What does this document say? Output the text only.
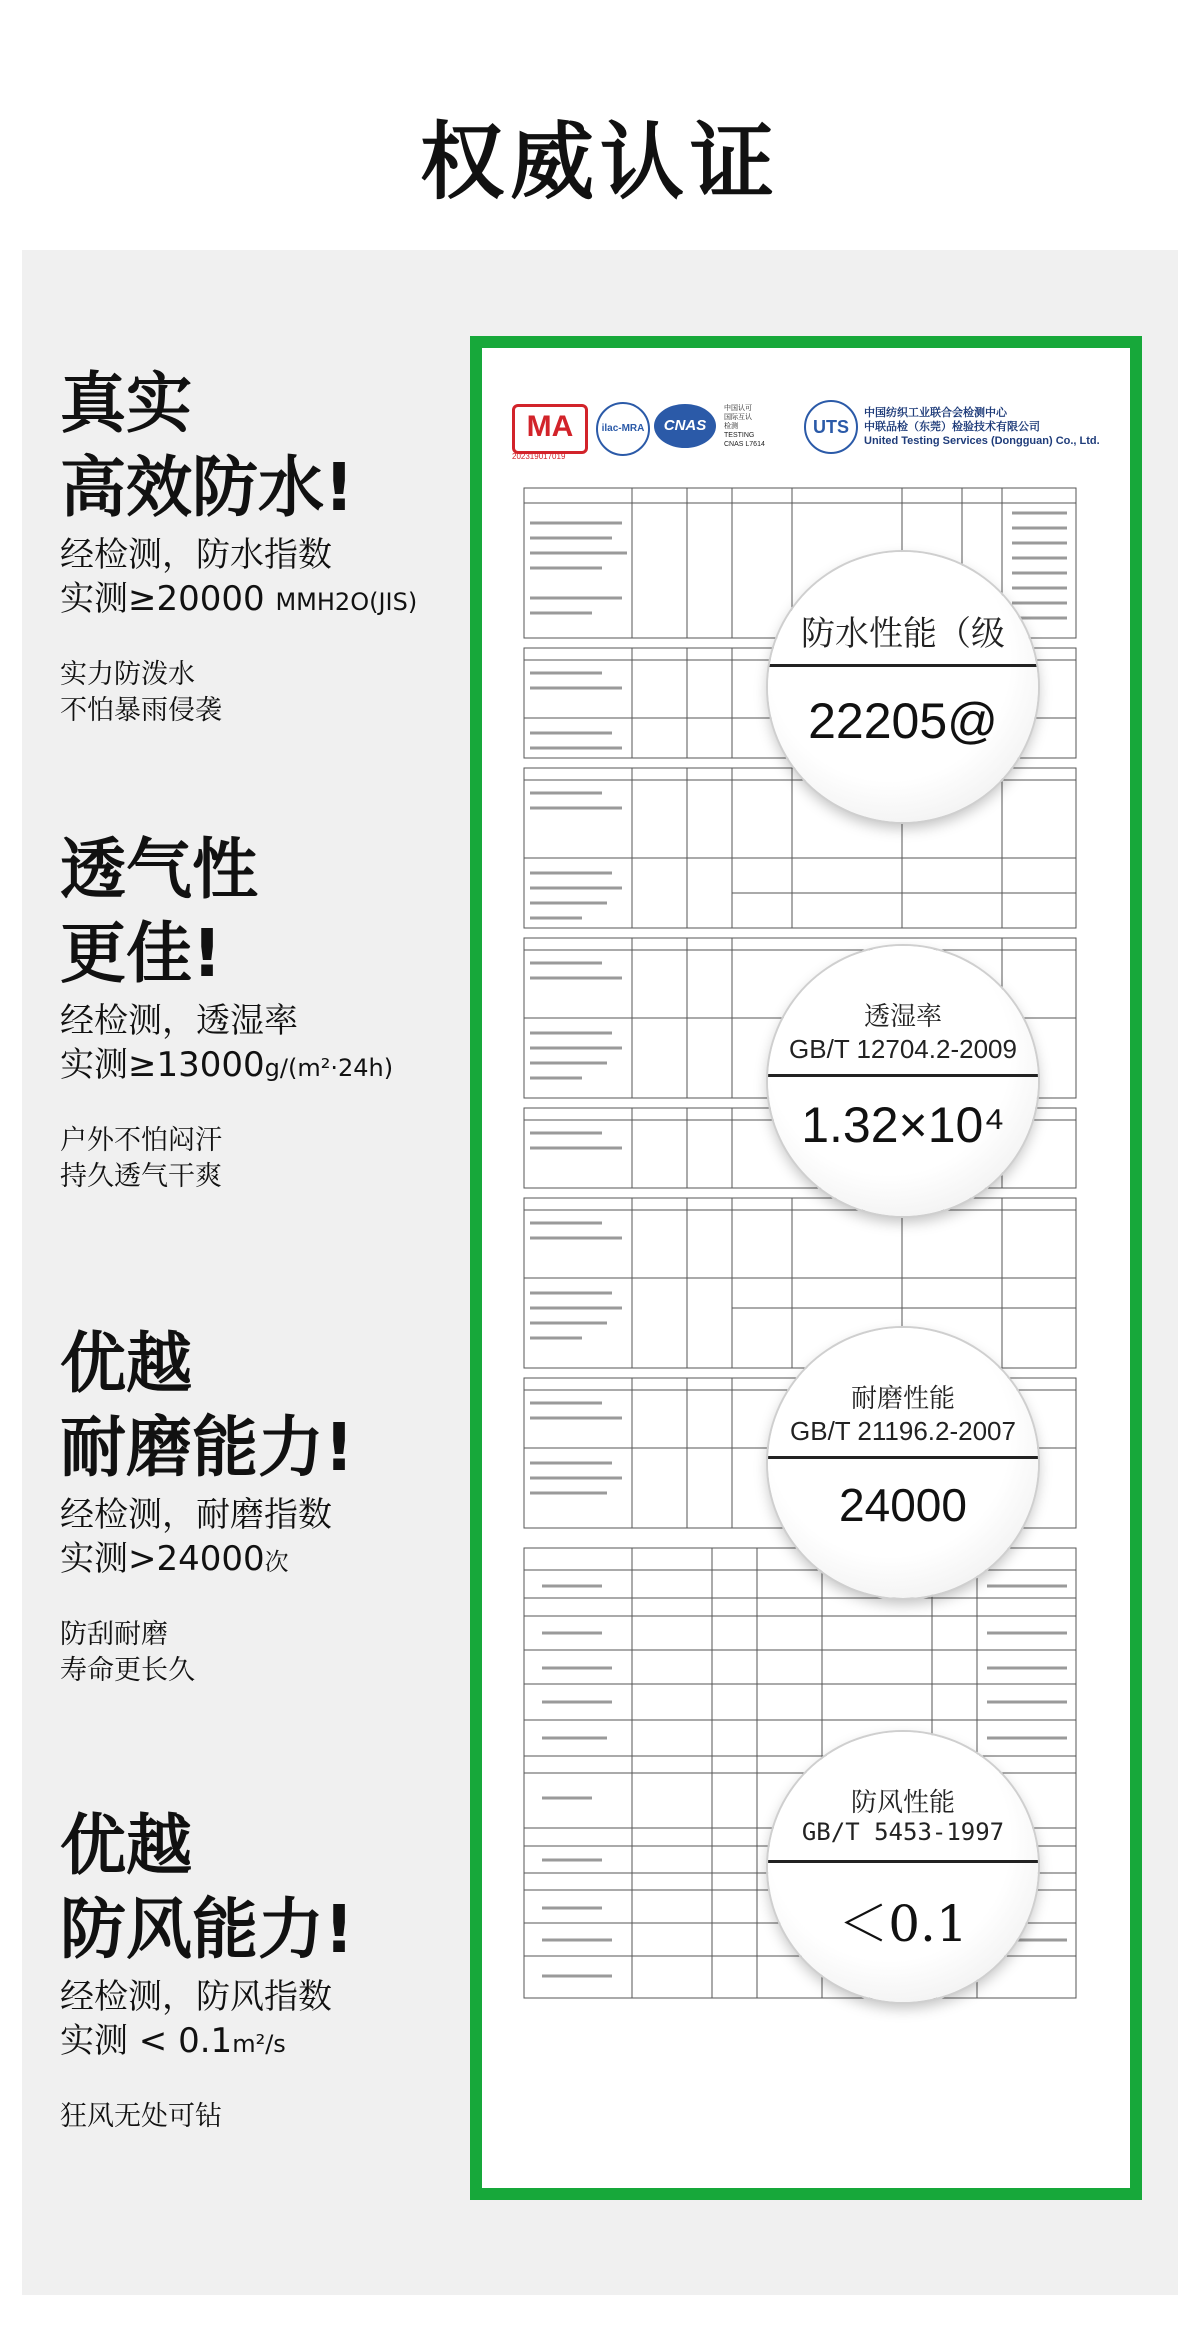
权威认证
真实
高效防水!
经检测，防水指数
实测≥20000 MMH2O(JIS)
实力防泼水
不怕暴雨侵袭
透气性
更佳!
经检测，透湿率
实测≥13000g/(m²·24h)
户外不怕闷汗
持久透气干爽
优越
耐磨能力!
经检测，耐磨指数
实测>24000次
防刮耐磨
寿命更长久
优越
防风能力!
经检测，防风指数
实测 < 0.1m²/s
狂风无处可钻
MA
202319017019
ilac-MRA	CNAS
中国认可
国际互认
检测
TESTING
CNAS L7614
UTS
中国纺织工业联合会检测中心
中联品检（东莞）检验技术有限公司
United Testing Services (Dongguan) Co., Ltd.
防水性能（级
22205@
透湿率
GB/T 12704.2-2009
1.32×10⁴
耐磨性能
GB/T 21196.2-2007
24000
防风性能
GB/T 5453-1997
＜0.1
